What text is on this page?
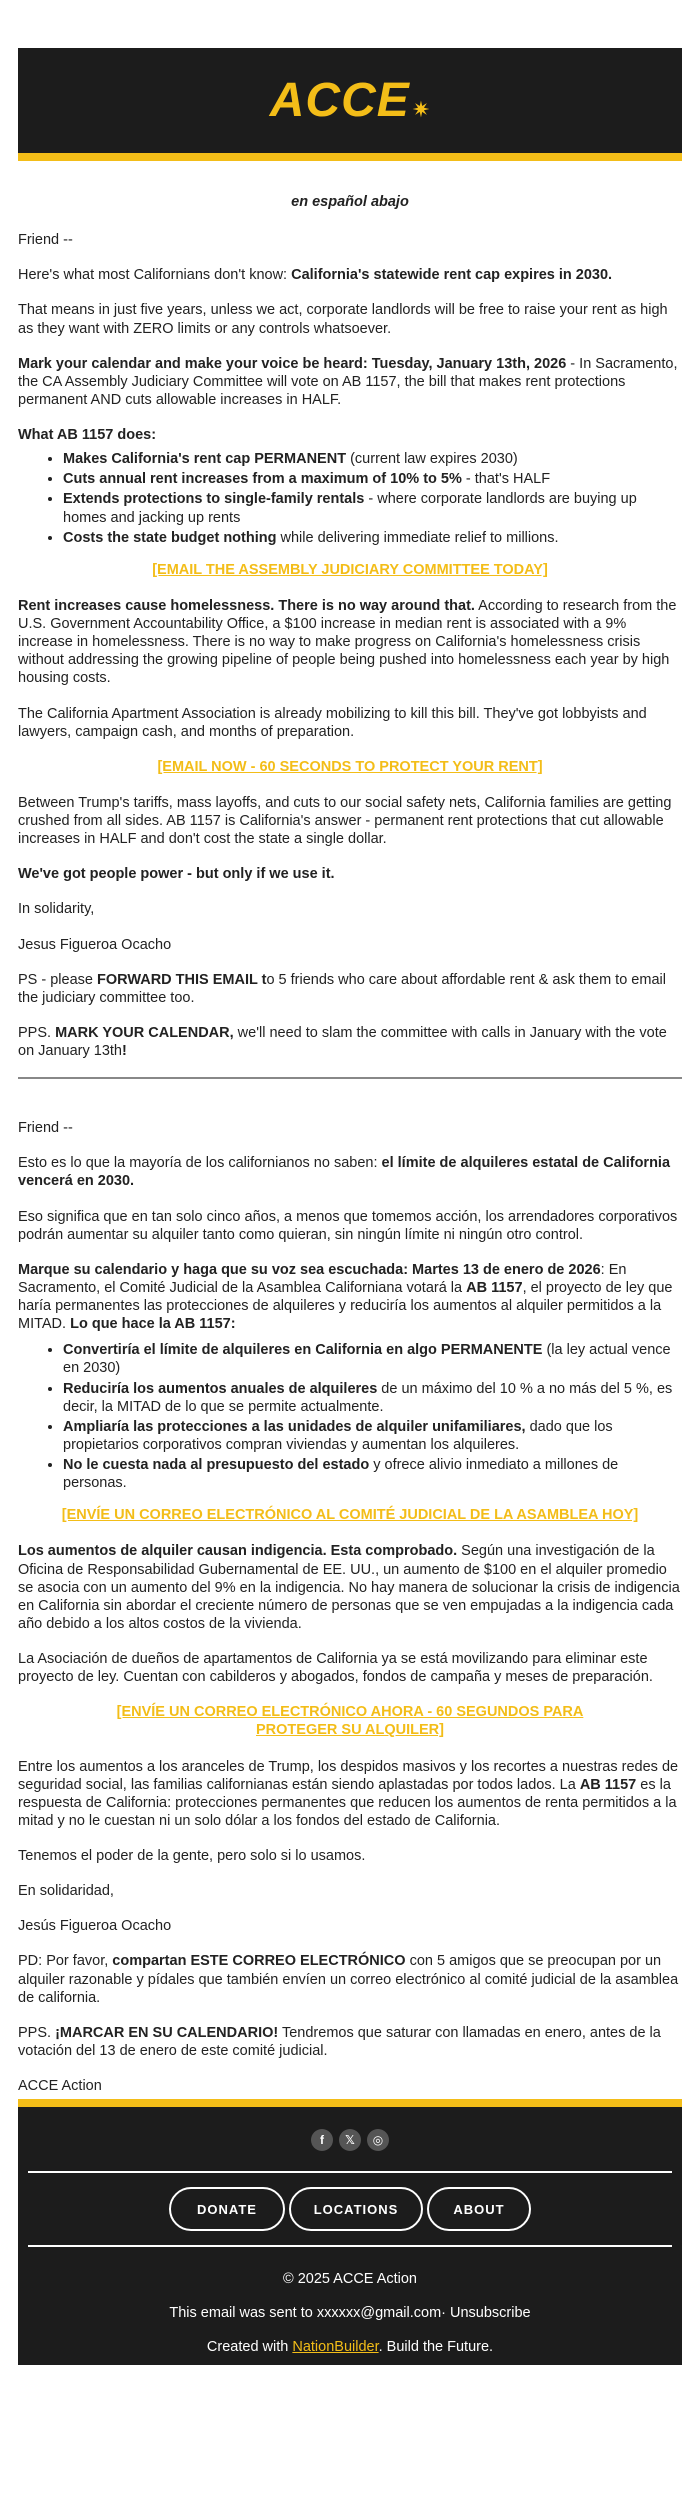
ACCE ✷

en español abajo

Friend --

Here's what most Californians don't know: California's statewide rent cap expires in 2030.

That means in just five years, unless we act, corporate landlords will be free to raise your rent as high as they want with ZERO limits or any controls whatsoever.

Mark your calendar and make your voice be heard: Tuesday, January 13th, 2026 - In Sacramento, the CA Assembly Judiciary Committee will vote on AB 1157, the bill that makes rent protections permanent AND cuts allowable increases in HALF.

What AB 1157 does:

• Makes California's rent cap PERMANENT (current law expires 2030)
• Cuts annual rent increases from a maximum of 10% to 5% - that's HALF
• Extends protections to single-family rentals - where corporate landlords are buying up homes and jacking up rents
• Costs the state budget nothing while delivering immediate relief to millions.
[EMAIL THE ASSEMBLY JUDICIARY COMMITTEE TODAY]

Rent increases cause homelessness. There is no way around that. According to research from the U.S. Government Accountability Office, a $100 increase in median rent is associated with a 9% increase in homelessness. There is no way to make progress on California's homelessness crisis without addressing the growing pipeline of people being pushed into homelessness each year by high housing costs.

The California Apartment Association is already mobilizing to kill this bill. They've got lobbyists and lawyers, campaign cash, and months of preparation.

[EMAIL NOW - 60 SECONDS TO PROTECT YOUR RENT]

Between Trump's tariffs, mass layoffs, and cuts to our social safety nets, California families are getting crushed from all sides. AB 1157 is California's answer - permanent rent protections that cut allowable increases in HALF and don't cost the state a single dollar.

We've got people power - but only if we use it.

In solidarity,

Jesus Figueroa Ocacho

PS - please FORWARD THIS EMAIL to 5 friends who care about affordable rent & ask them to email the judiciary committee too.

PPS. MARK YOUR CALENDAR, we'll need to slam the committee with calls in January with the vote on January 13th!

Friend --

Esto es lo que la mayoría de los californianos no saben: el límite de alquileres estatal de California vencerá en 2030.

Eso significa que en tan solo cinco años, a menos que tomemos acción, los arrendadores corporativos podrán aumentar su alquiler tanto como quieran, sin ningún límite ni ningún otro control.

Marque su calendario y haga que su voz sea escuchada: Martes 13 de enero de 2026: En Sacramento, el Comité Judicial de la Asamblea Californiana votará la AB 1157, el proyecto de ley que haría permanentes las protecciones de alquileres y reduciría los aumentos al alquiler permitidos a la MITAD. Lo que hace la AB 1157:

• Convertiría el límite de alquileres en California en algo PERMANENTE (la ley actual vence en 2030)
• Reduciría los aumentos anuales de alquileres de un máximo del 10 % a no más del 5 %, es decir, la MITAD de lo que se permite actualmente.
• Ampliaría las protecciones a las unidades de alquiler unifamiliares, dado que los propietarios corporativos compran viviendas y aumentan los alquileres.
• No le cuesta nada al presupuesto del estado y ofrece alivio inmediato a millones de personas.
[ENVÍE UN CORREO ELECTRÓNICO AL COMITÉ JUDICIAL DE LA ASAMBLEA HOY]

Los aumentos de alquiler causan indigencia. Esta comprobado. Según una investigación de la Oficina de Responsabilidad Gubernamental de EE. UU., un aumento de $100 en el alquiler promedio se asocia con un aumento del 9% en la indigencia. No hay manera de solucionar la crisis de indigencia en California sin abordar el creciente número de personas que se ven empujadas a la indigencia cada año debido a los altos costos de la vivienda.

La Asociación de dueños de apartamentos de California ya se está movilizando para eliminar este proyecto de ley. Cuentan con cabilderos y abogados, fondos de campaña y meses de preparación.

[ENVÍE UN CORREO ELECTRÓNICO AHORA - 60 SEGUNDOS PARA PROTEGER SU ALQUILER]

Entre los aumentos a los aranceles de Trump, los despidos masivos y los recortes a nuestras redes de seguridad social, las familias californianas están siendo aplastadas por todos lados. La AB 1157 es la respuesta de California: protecciones permanentes que reducen los aumentos de renta permitidos a la mitad y no le cuestan ni un solo dólar a los fondos del estado de California.

Tenemos el poder de la gente, pero solo si lo usamos.

En solidaridad,

Jesús Figueroa Ocacho

PD: Por favor, compartan ESTE CORREO ELECTRÓNICO con 5 amigos que se preocupan por un alquiler razonable y pídales que también envíen un correo electrónico al comité judicial de la asamblea de california.

PPS. ¡MARCAR EN SU CALENDARIO! Tendremos que saturar con llamadas en enero, antes de la votación del 13 de enero de este comité judicial.

ACCE Action

f	𝕏	◎
DONATE	LOCATIONS	ABOUT
© 2025 ACCE Action
This email was sent to xxxxxx@gmail.com· Unsubscribe
Created with NationBuilder. Build the Future.
